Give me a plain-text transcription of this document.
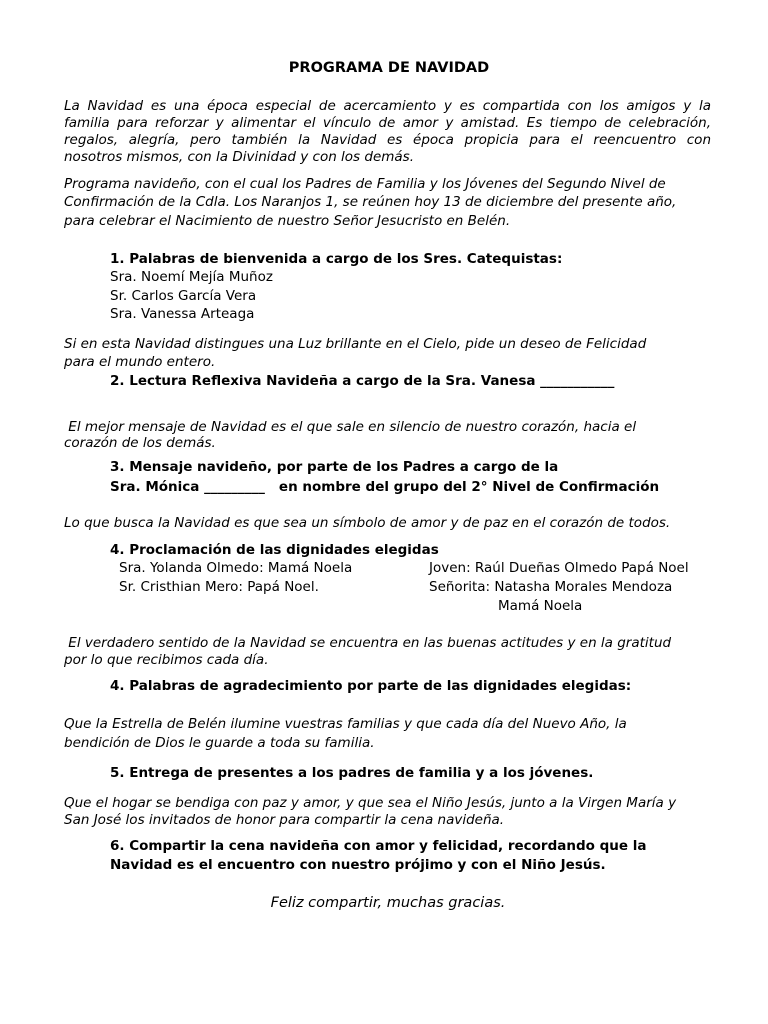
PROGRAMA DE NAVIDAD
La Navidad es una época especial de acercamiento y es compartida con los amigos y la
familia para reforzar y alimentar el vínculo de amor y amistad. Es tiempo de celebración,
regalos, alegría, pero también la Navidad es época propicia para el reencuentro con
nosotros mismos, con la Divinidad y con los demás.
Programa navideño, con el cual los Padres de Familia y los Jóvenes del Segundo Nivel de
Confirmación de la Cdla. Los Naranjos 1, se reúnen hoy 13 de diciembre del presente año,
para celebrar el Nacimiento de nuestro Señor Jesucristo en Belén.
1. Palabras de bienvenida a cargo de los Sres. Catequistas:
Sra. Noemí Mejía Muñoz
Sr. Carlos García Vera
Sra. Vanessa Arteaga
Si en esta Navidad distingues una Luz brillante en el Cielo, pide un deseo de Felicidad
para el mundo entero.
2. Lectura Reflexiva Navideña a cargo de la Sra. Vanesa ___________
El mejor mensaje de Navidad es el que sale en silencio de nuestro corazón, hacia el
corazón de los demás.
3. Mensaje navideño, por parte de los Padres a cargo de la
Sra. Mónica _________   en nombre del grupo del 2° Nivel de Confirmación
Lo que busca la Navidad es que sea un símbolo de amor y de paz en el corazón de todos.
4. Proclamación de las dignidades elegidas
Sra. Yolanda Olmedo: Mamá Noela
Sr. Cristhian Mero: Papá Noel.
Joven: Raúl Dueñas Olmedo Papá Noel
Señorita: Natasha Morales Mendoza
Mamá Noela
El verdadero sentido de la Navidad se encuentra en las buenas actitudes y en la gratitud
por lo que recibimos cada día.
4. Palabras de agradecimiento por parte de las dignidades elegidas:
Que la Estrella de Belén ilumine vuestras familias y que cada día del Nuevo Año, la
bendición de Dios le guarde a toda su familia.
5. Entrega de presentes a los padres de familia y a los jóvenes.
Que el hogar se bendiga con paz y amor, y que sea el Niño Jesús, junto a la Virgen María y
San José los invitados de honor para compartir la cena navideña.
6. Compartir la cena navideña con amor y felicidad, recordando que la
Navidad es el encuentro con nuestro prójimo y con el Niño Jesús.
Feliz compartir, muchas gracias.
